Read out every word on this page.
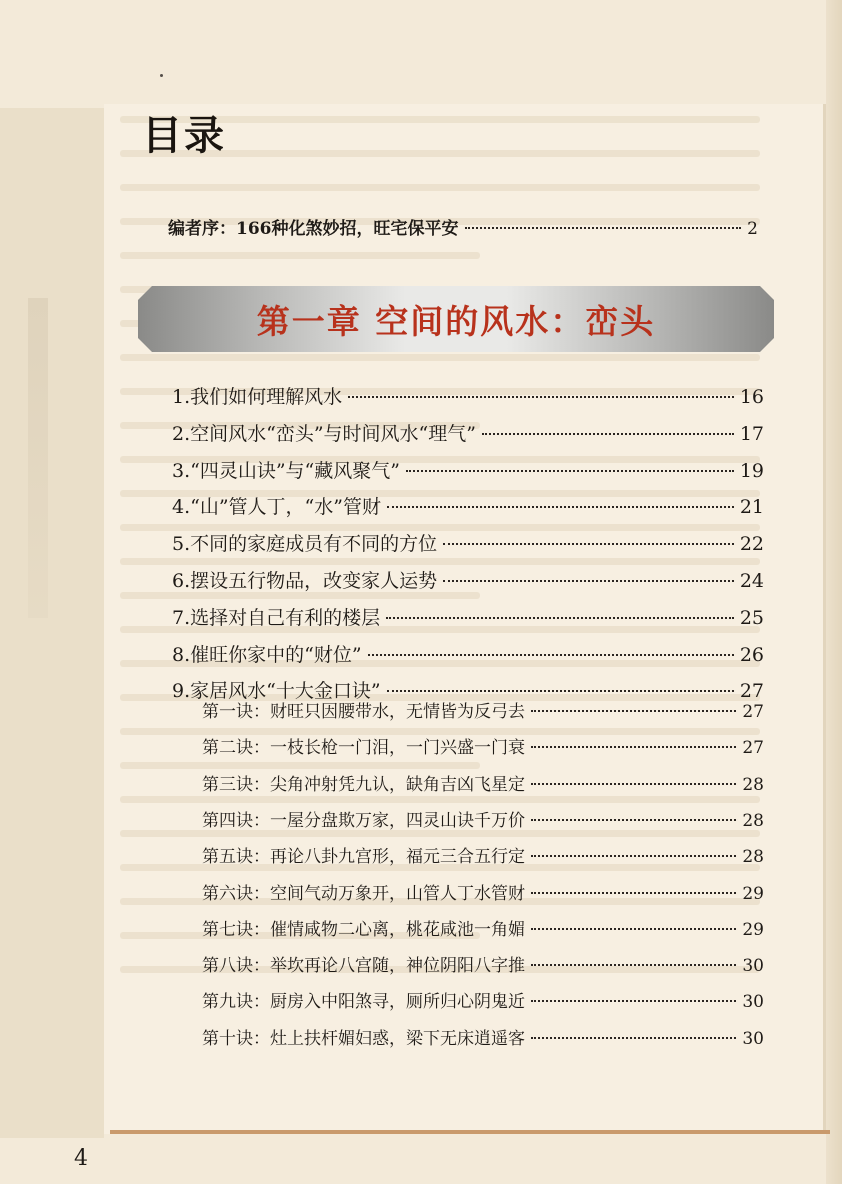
目录
编者序：166种化煞妙招，旺宅保平安	2
第一章 空间的风水：峦头
1.我们如何理解风水	16
2.空间风水“峦头”与时间风水“理气”	17
3.“四灵山诀”与“藏风聚气”	19
4.“山”管人丁，“水”管财	21
5.不同的家庭成员有不同的方位	22
6.摆设五行物品，改变家人运势	24
7.选择对自己有利的楼层	25
8.催旺你家中的“财位”	26
9.家居风水“十大金口诀”	27
第一诀：财旺只因腰带水，无情皆为反弓去	27
第二诀：一枝长枪一门泪，一门兴盛一门衰	27
第三诀：尖角冲射凭九认，缺角吉凶飞星定	28
第四诀：一屋分盘欺万家，四灵山诀千万价	28
第五诀：再论八卦九宫形，福元三合五行定	28
第六诀：空间气动万象开，山管人丁水管财	29
第七诀：催情咸物二心离，桃花咸池一角媚	29
第八诀：举坎再论八宫随，神位阴阳八字推	30
第九诀：厨房入中阳煞寻，厕所归心阴鬼近	30
第十诀：灶上扶杆媚妇惑，梁下无床逍遥客	30
4
